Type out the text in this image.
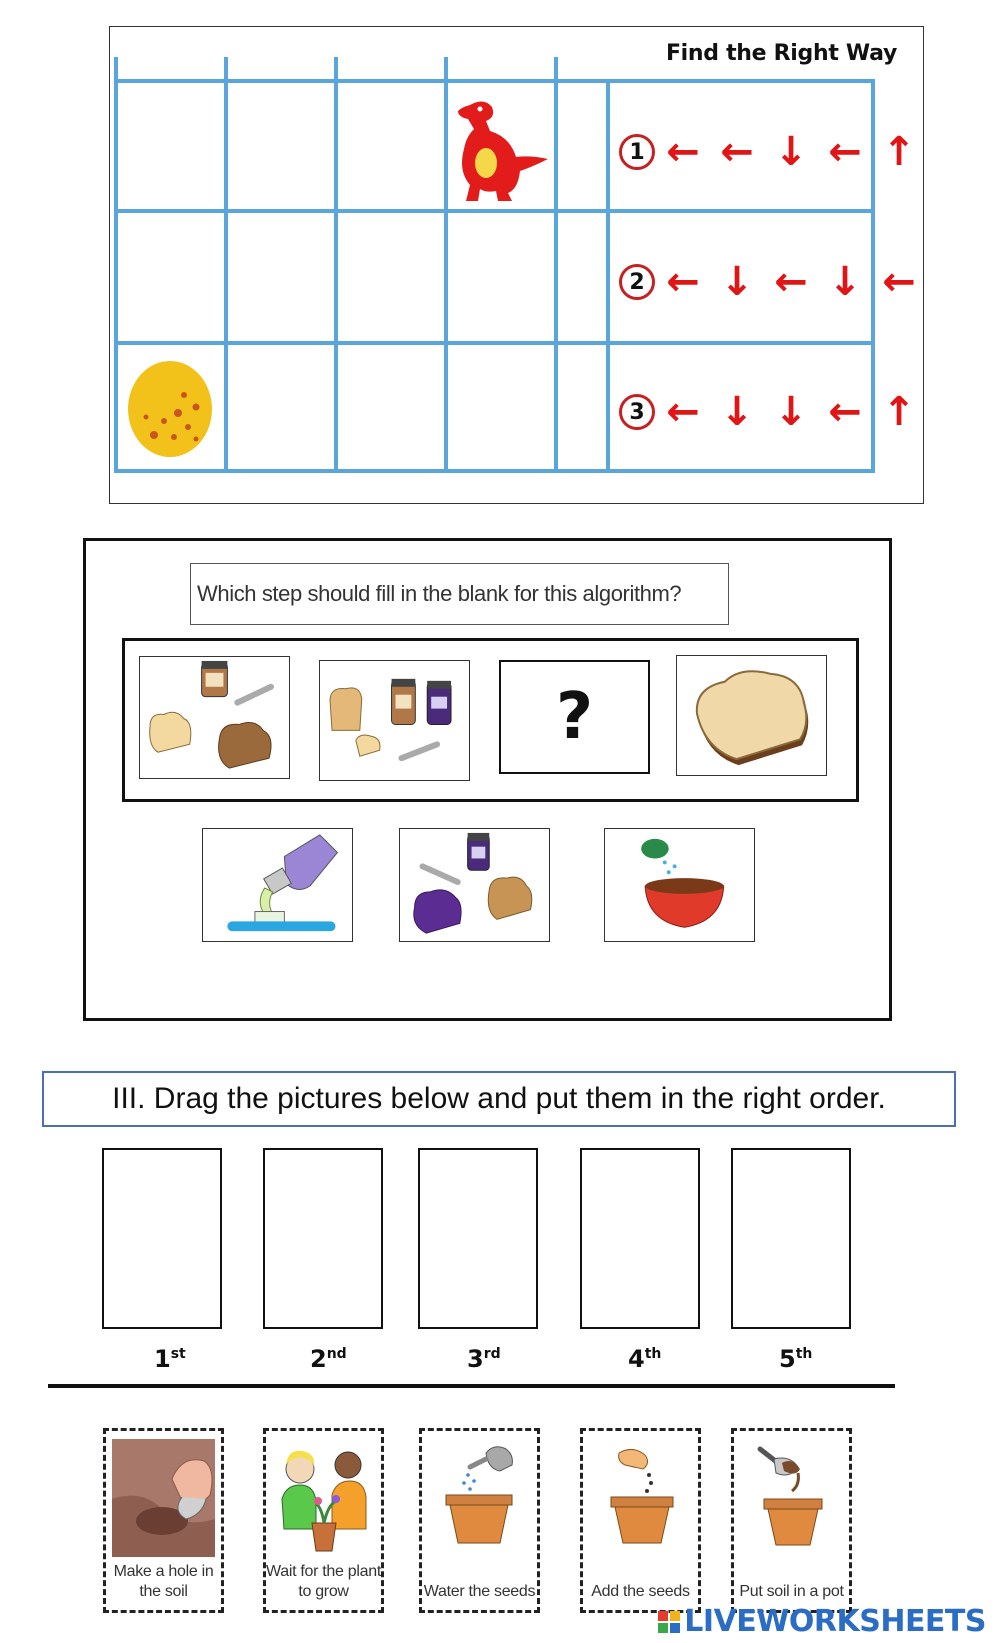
Find the Right Way
1 ← ← ↓ ← ↑
2 ← ↓ ← ↓ ←
3 ← ↓ ↓ ← ↑
Which step should fill in the blank for this algorithm?
?
III. Drag the pictures below and put them in the right order.
1st	2nd	3rd	4th	5th
Make a hole in the soil
Wait for the plant to grow	Water the seeds	Add the seeds	Put soil in a pot
LIVEWORKSHEETS
